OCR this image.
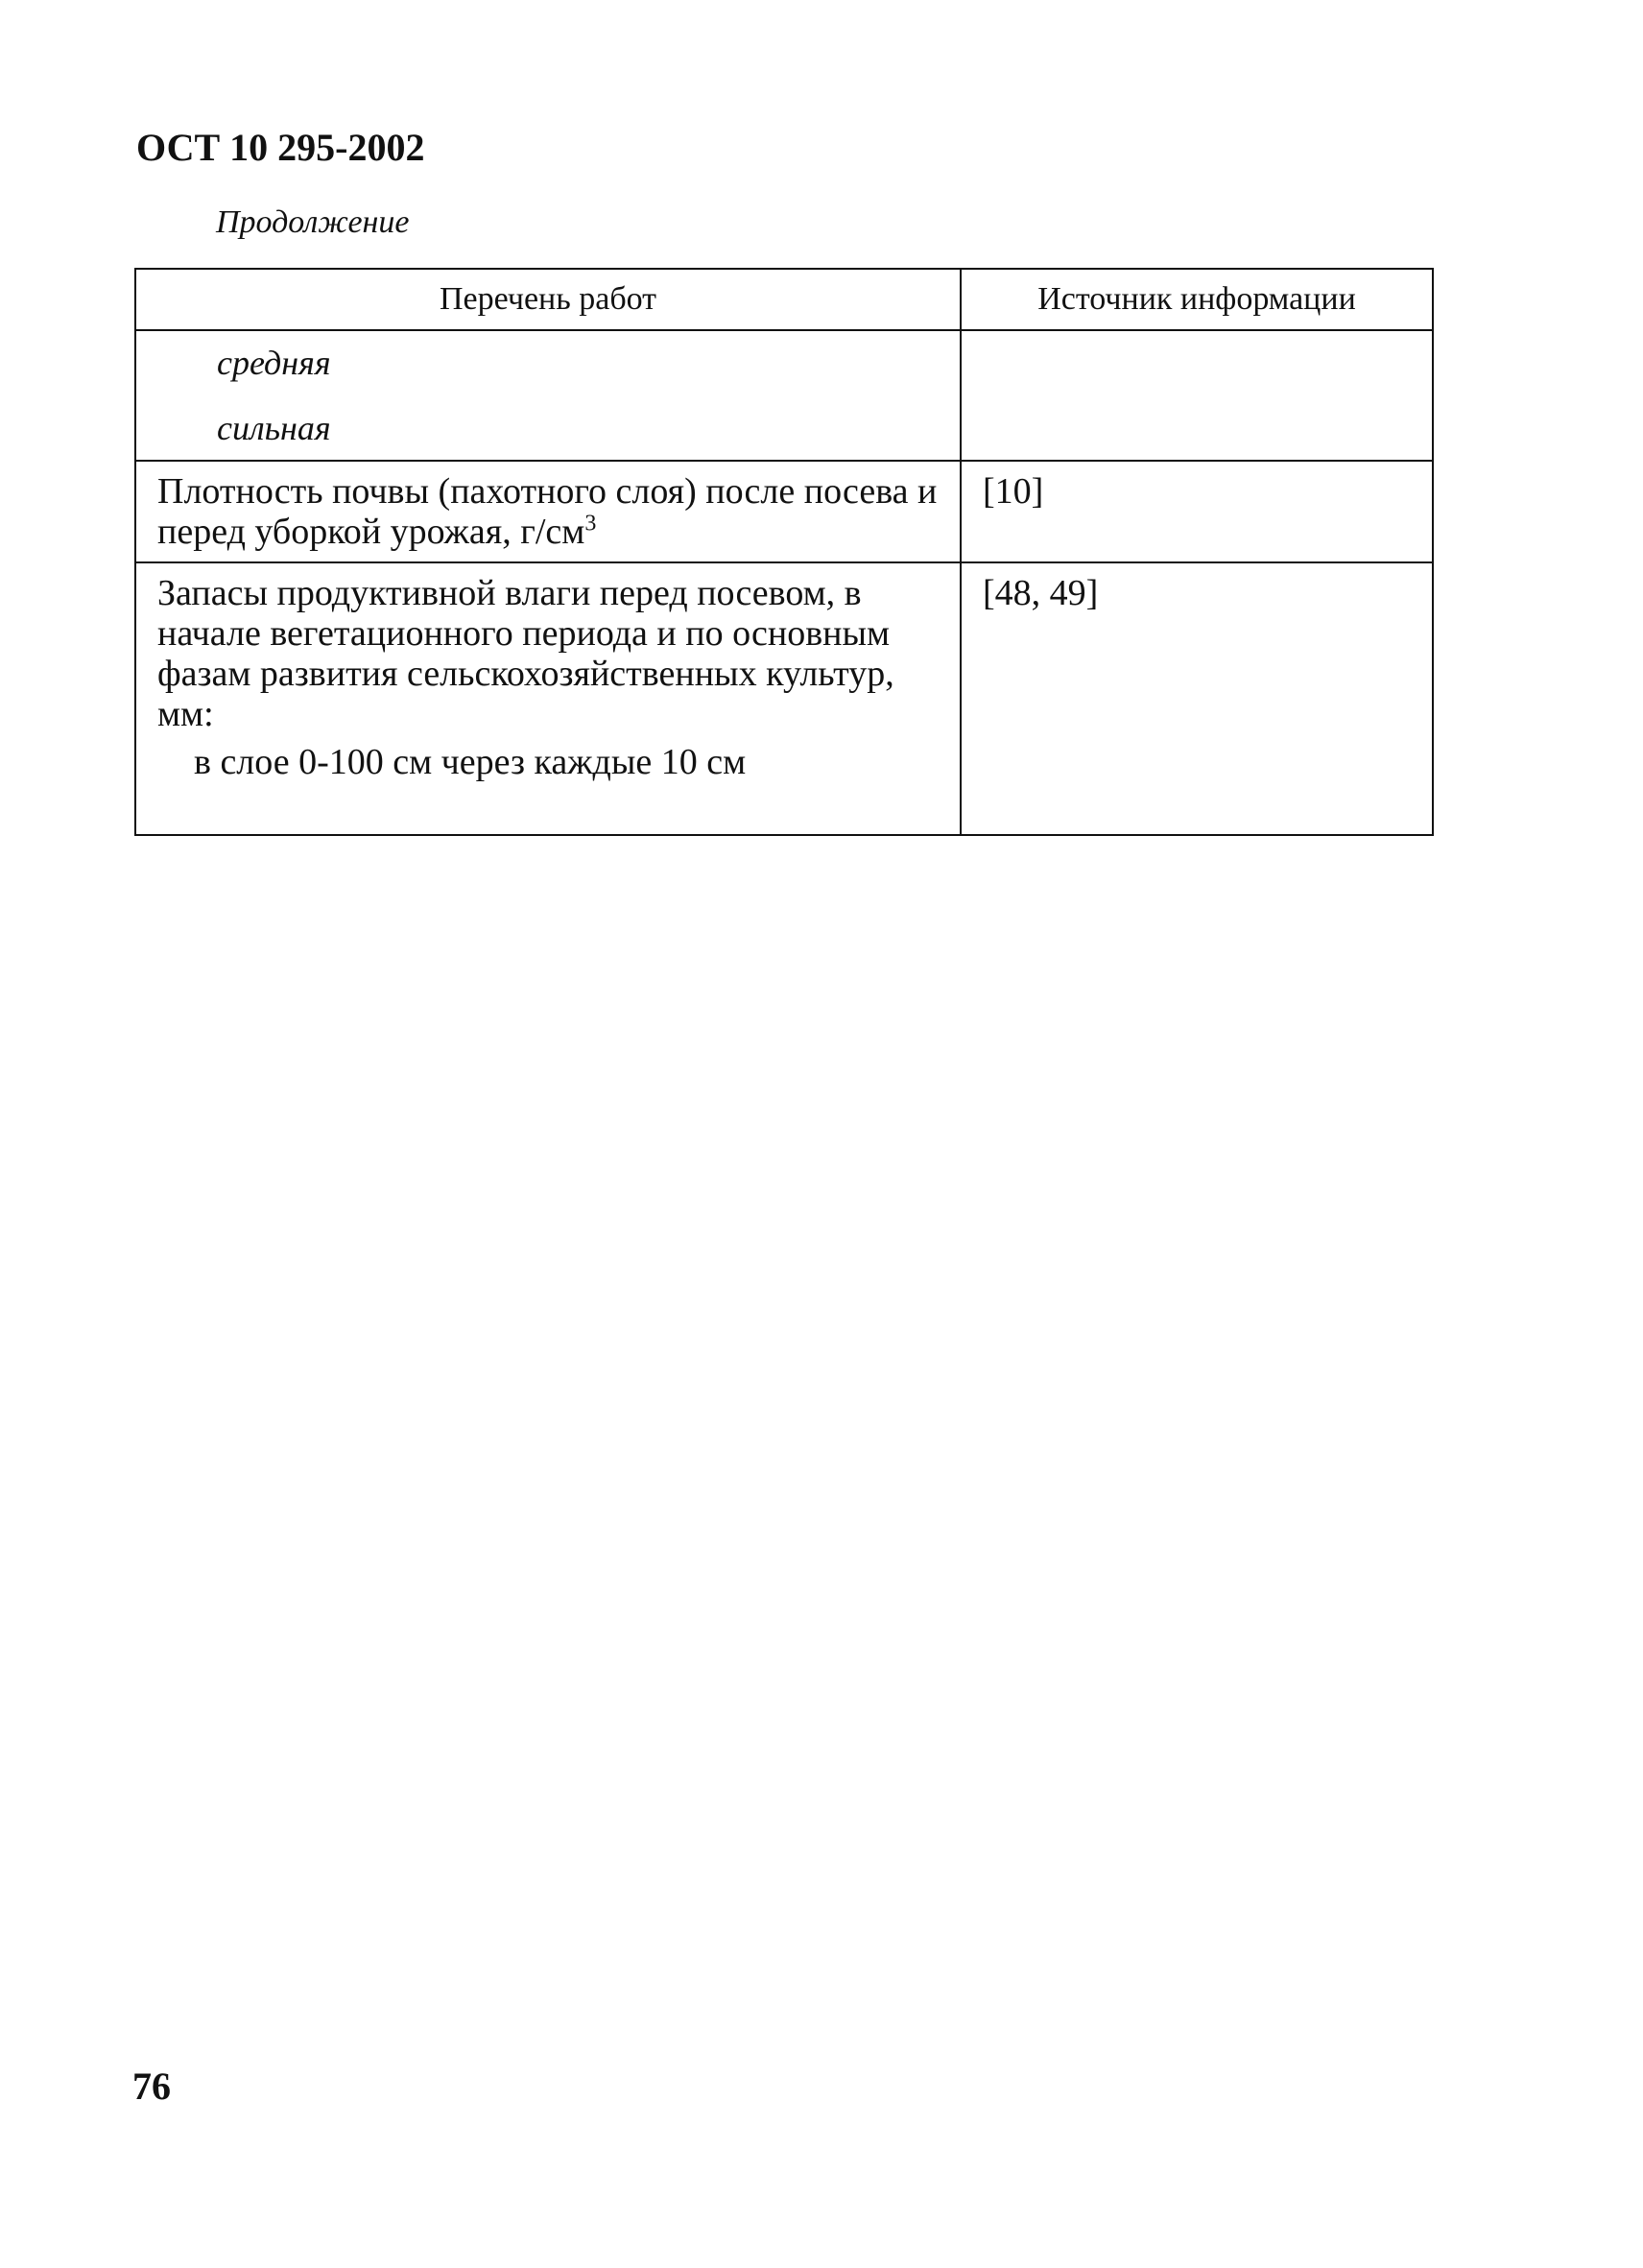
ОСТ 10 295-2002
Продолжение
Перечень работ	Источник информации

средняя
сильная	

Плотность почвы (пахотного слоя) после посева и перед уборкой урожая, $г/см^3$	[10]
Запасы продуктивной влаги перед посевом, в начале вегетационного периода и по основным фазам развития сельскохозяйственных культур, мм:
в слое 0-100 см через каждые 10 см	[48, 49]
76
